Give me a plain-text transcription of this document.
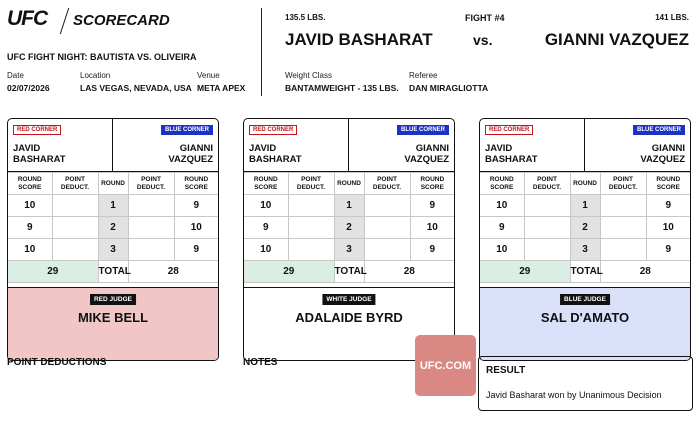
UFC SCORECARD
UFC FIGHT NIGHT: BAUTISTA VS. OLIVEIRA
Date
02/07/2026
Location
LAS VEGAS, NEVADA, USA
Venue
META APEX
135.5 LBS.
JAVID BASHARAT
FIGHT #4
vs.
141 LBS.
GIANNI VAZQUEZ
Weight Class
BANTAMWEIGHT - 135 LBS.
Referee
DAN MIRAGLIOTTA
RED CORNER	BLUE CORNER
JAVID
BASHARAT
GIANNI
VAZQUEZ
ROUND SCORE	POINT DEDUCT.	ROUND	POINT DEDUCT.	ROUND SCORE
10		1		9
9		2		10
10		3		9
29		TOTAL	28	
RED JUDGE
MIKE BELL
RED CORNER	BLUE CORNER
JAVID
BASHARAT
GIANNI
VAZQUEZ
ROUND SCORE	POINT DEDUCT.	ROUND	POINT DEDUCT.	ROUND SCORE
10		1		9
9		2		10
10		3		9
29		TOTAL	28	
WHITE JUDGE
ADALAIDE BYRD
RED CORNER	BLUE CORNER
JAVID
BASHARAT
GIANNI
VAZQUEZ
ROUND SCORE	POINT DEDUCT.	ROUND	POINT DEDUCT.	ROUND SCORE
10		1		9
9		2		10
10		3		9
29		TOTAL	28	
BLUE JUDGE
SAL D'AMATO
POINT DEDUCTIONS	NOTES	UFC.COM	RESULT
Javid Basharat won by Unanimous Decision
